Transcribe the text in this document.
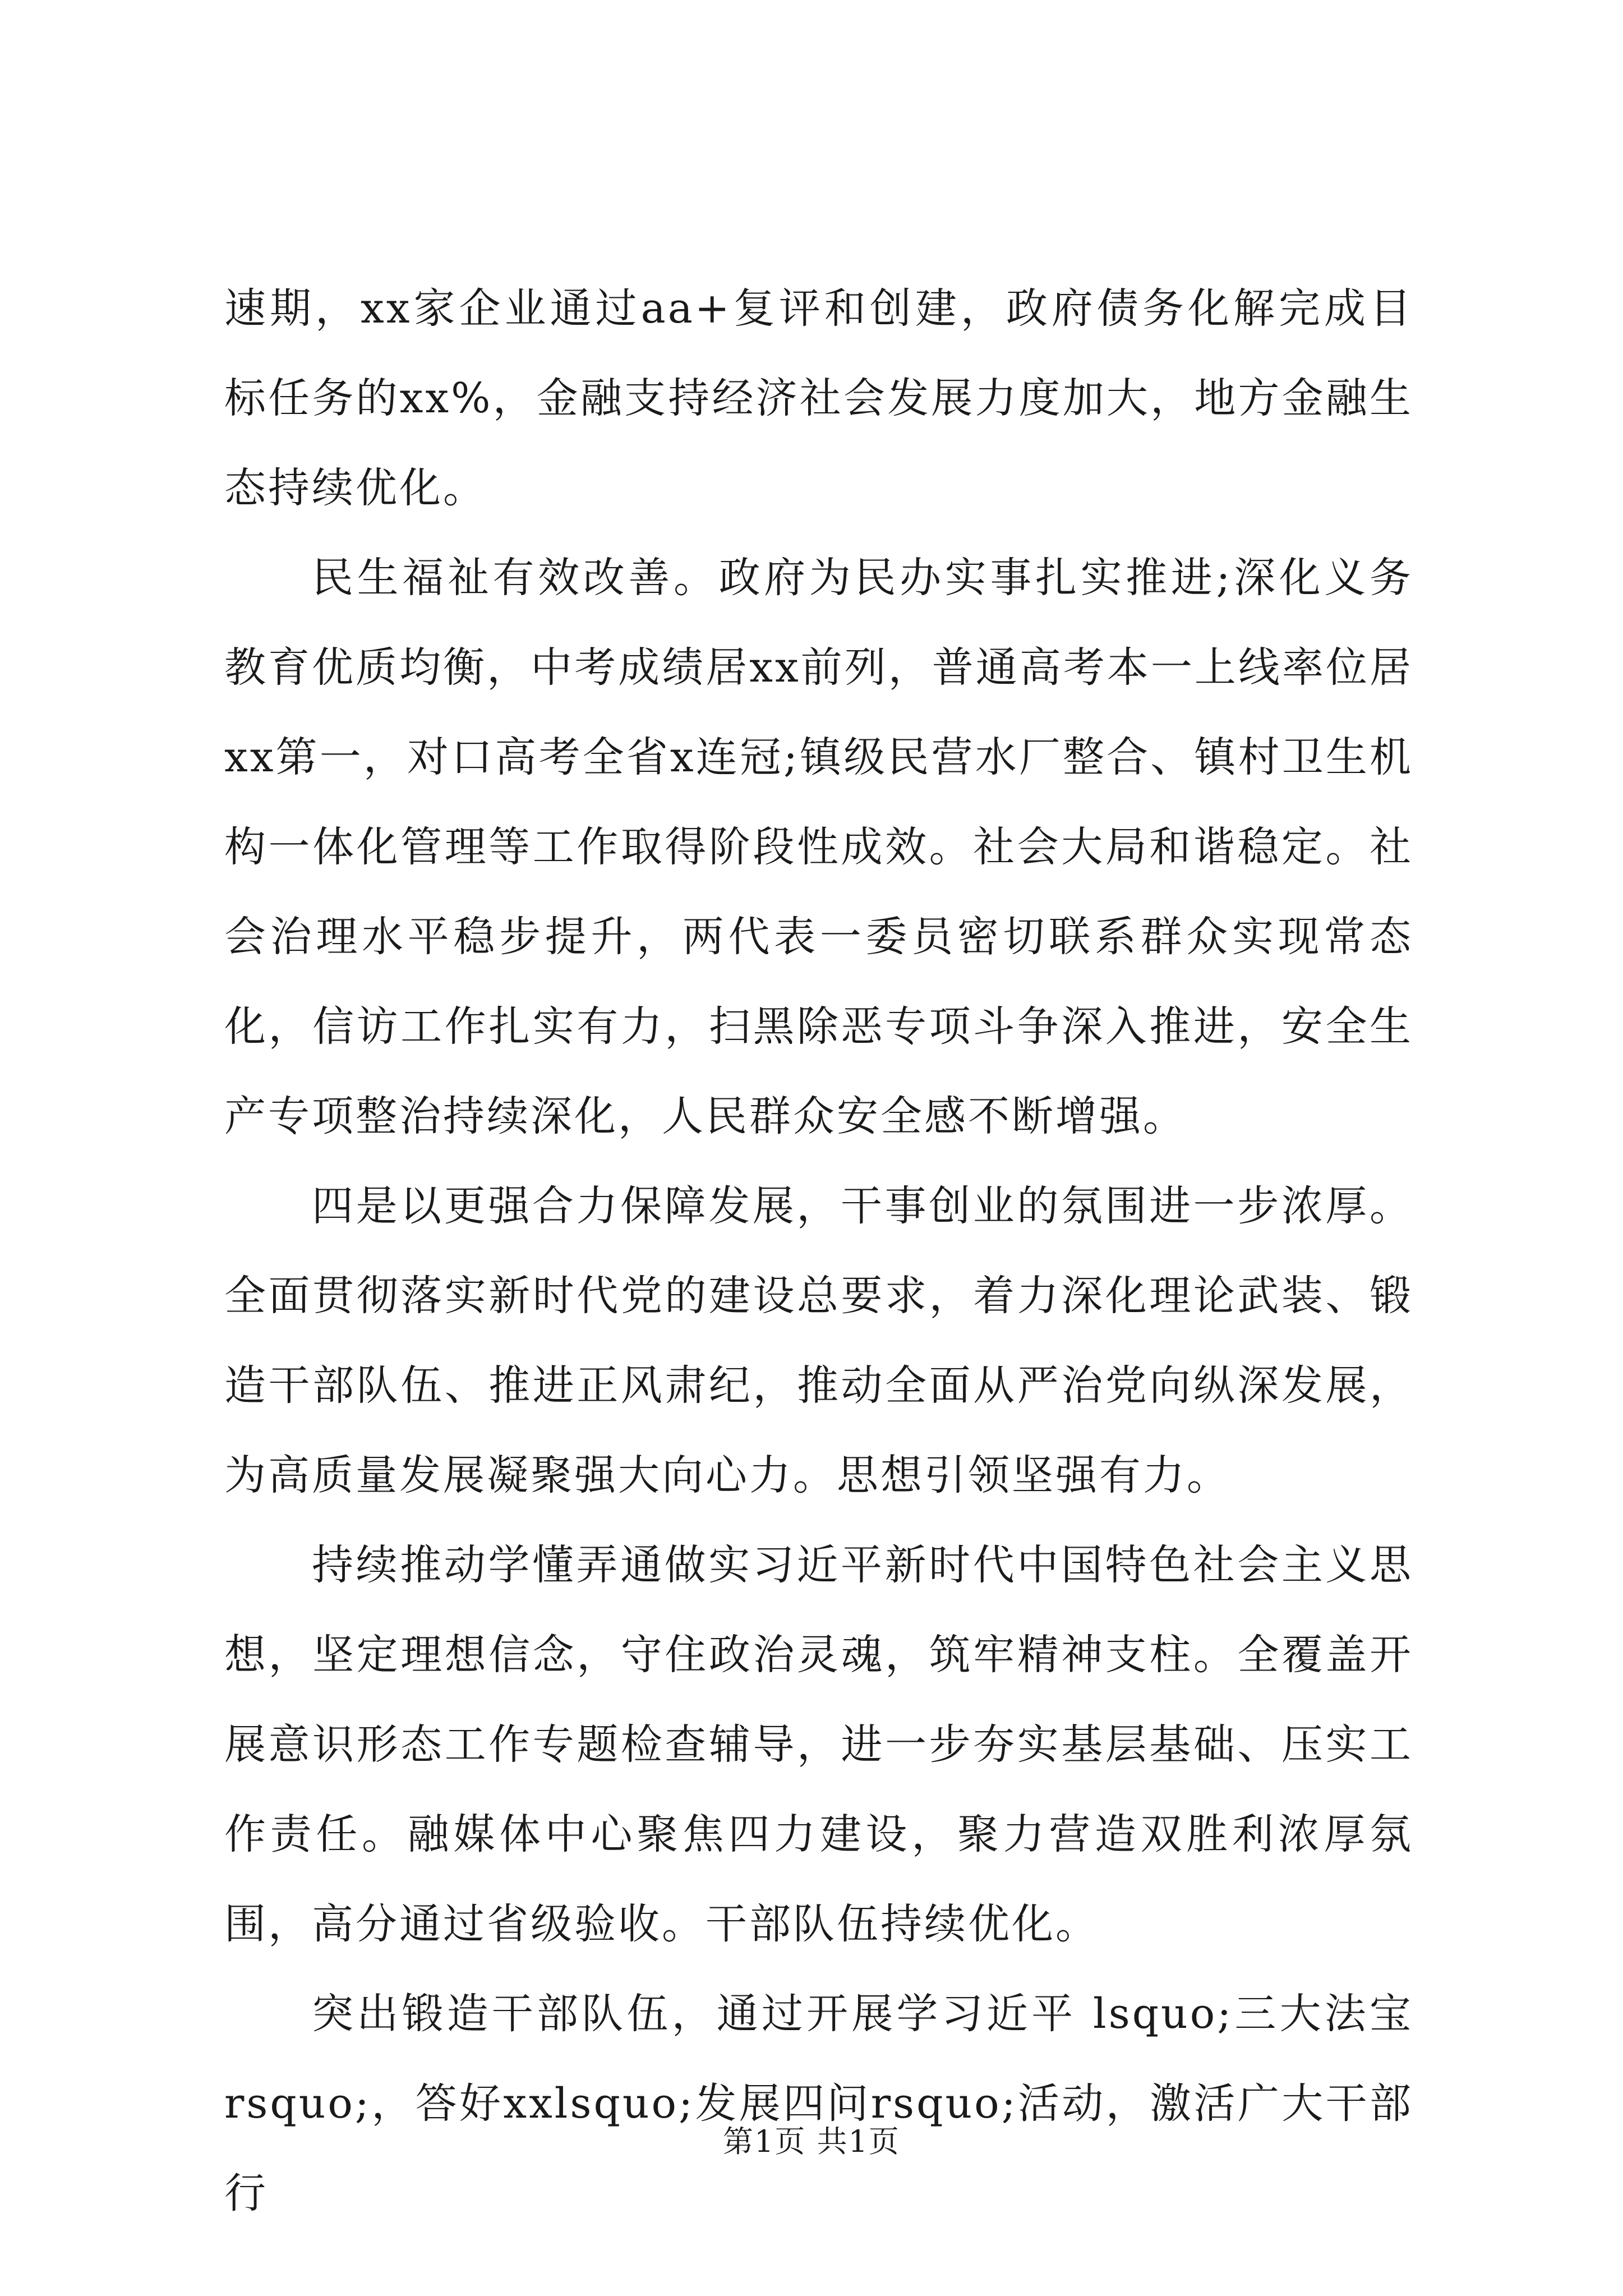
速期，xx家企业通过aa+复评和创建，政府债务化解完成目标任务的xx%，金融支持经济社会发展力度加大，地方金融生态持续优化。

民生福祉有效改善。政府为民办实事扎实推进;深化义务教育优质均衡，中考成绩居xx前列，普通高考本一上线率位居xx第一，对口高考全省x连冠;镇级民营水厂整合、镇村卫生机构一体化管理等工作取得阶段性成效。社会大局和谐稳定。社会治理水平稳步提升，两代表一委员密切联系群众实现常态化，信访工作扎实有力，扫黑除恶专项斗争深入推进，安全生产专项整治持续深化，人民群众安全感不断增强。

四是以更强合力保障发展，干事创业的氛围进一步浓厚。全面贯彻落实新时代党的建设总要求，着力深化理论武装、锻造干部队伍、推进正风肃纪，推动全面从严治党向纵深发展，为高质量发展凝聚强大向心力。思想引领坚强有力。

持续推动学懂弄通做实习近平新时代中国特色社会主义思想，坚定理想信念，守住政治灵魂，筑牢精神支柱。全覆盖开展意识形态工作专题检查辅导，进一步夯实基层基础、压实工作责任。融媒体中心聚焦四力建设，聚力营造双胜利浓厚氛围，高分通过省级验收。干部队伍持续优化。

突出锻造干部队伍，通过开展学习近平 lsquo;三大法宝 rsquo;，答好xxlsquo;发展四问rsquo;活动，激活广大干部行

第1页 共1页
